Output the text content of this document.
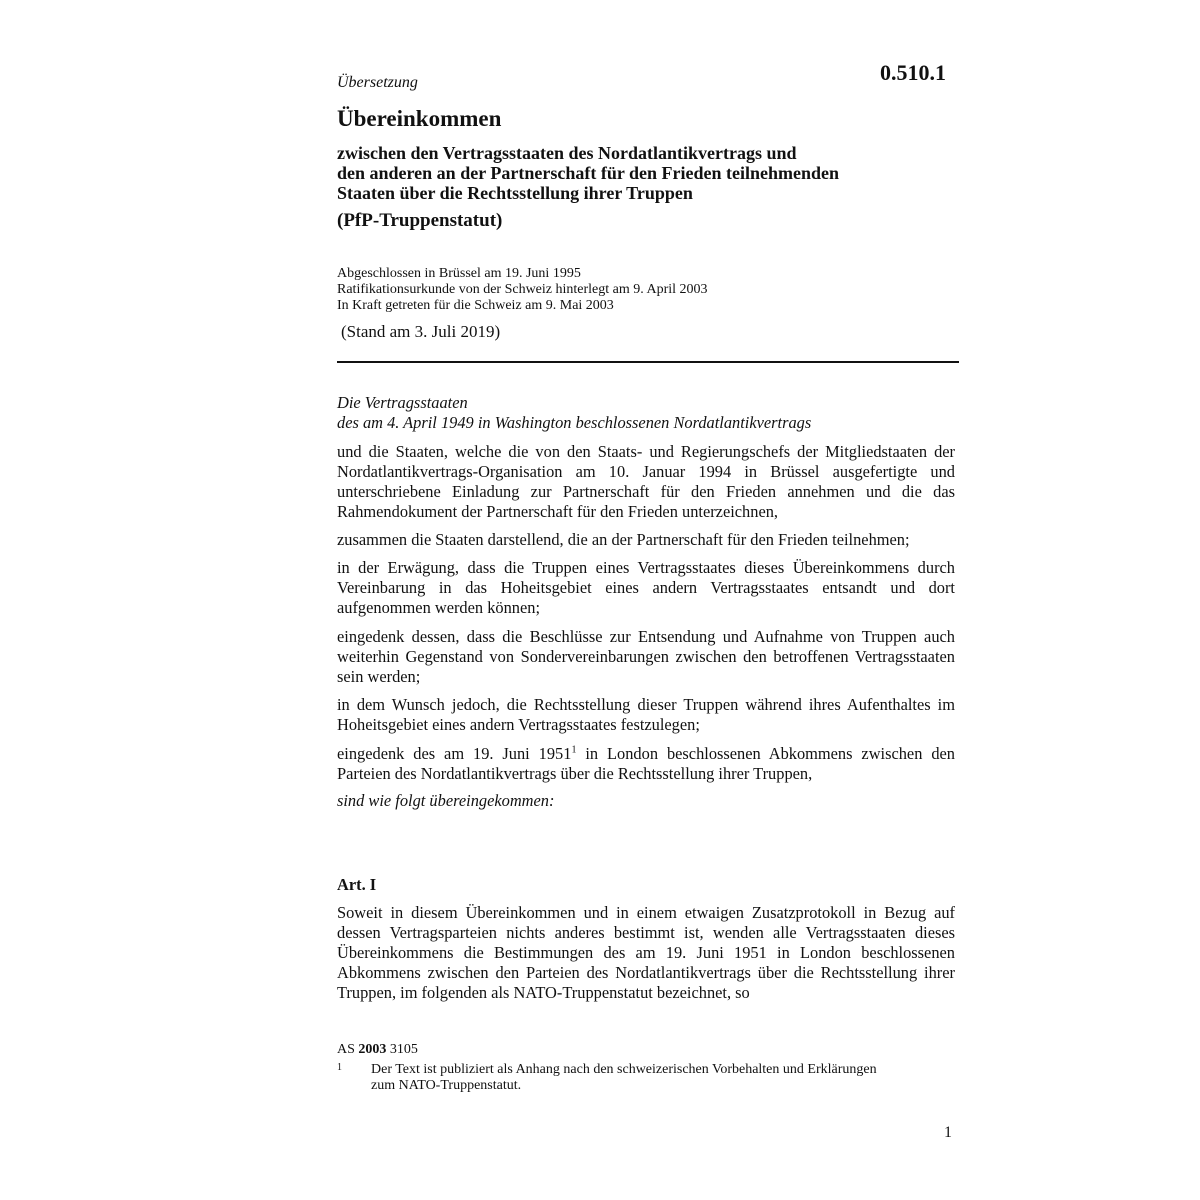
0.510.1
Übersetzung
Übereinkommen
zwischen den Vertragsstaaten des Nordatlantikvertrags und
den anderen an der Partnerschaft für den Frieden teilnehmenden
Staaten über die Rechtsstellung ihrer Truppen
(PfP-Truppenstatut)
Abgeschlossen in Brüssel am 19. Juni 1995
Ratifikationsurkunde von der Schweiz hinterlegt am 9. April 2003
In Kraft getreten für die Schweiz am 9. Mai 2003
(Stand am 3. Juli 2019)
Die Vertragsstaaten
des am 4. April 1949 in Washington beschlossenen Nordatlantikvertrags

und die Staaten, welche die von den Staats- und Regierungschefs der Mitgliedstaaten der Nordatlantikvertrags-Organisation am 10. Januar 1994 in Brüssel ausgefertigte und unterschriebene Einladung zur Partnerschaft für den Frieden annehmen und die das Rahmendokument der Partnerschaft für den Frieden unterzeichnen,

zusammen die Staaten darstellend, die an der Partnerschaft für den Frieden teilnehmen;

in der Erwägung, dass die Truppen eines Vertragsstaates dieses Übereinkommens durch Vereinbarung in das Hoheitsgebiet eines andern Vertragsstaates entsandt und dort aufgenommen werden können;

eingedenk dessen, dass die Beschlüsse zur Entsendung und Aufnahme von Truppen auch weiterhin Gegenstand von Sondervereinbarungen zwischen den betroffenen Vertragsstaaten sein werden;

in dem Wunsch jedoch, die Rechtsstellung dieser Truppen während ihres Aufenthaltes im Hoheitsgebiet eines andern Vertragsstaates festzulegen;

eingedenk des am 19. Juni 1951$^1$ in London beschlossenen Abkommens zwischen den Parteien des Nordatlantikvertrags über die Rechtsstellung ihrer Truppen,

sind wie folgt übereingekommen:
Art. I

Soweit in diesem Übereinkommen und in einem etwaigen Zusatzprotokoll in Bezug auf dessen Vertragsparteien nichts anderes bestimmt ist, wenden alle Vertragsstaaten dieses Übereinkommens die Bestimmungen des am 19. Juni 1951 in London beschlossenen Abkommens zwischen den Parteien des Nordatlantikvertrags über die Rechtsstellung ihrer Truppen, im folgenden als NATO-Truppenstatut bezeichnet, so

AS 2003 3105
1 Der Text ist publiziert als Anhang nach den schweizerischen Vorbehalten und Erklärungen zum NATO-Truppenstatut.
1
